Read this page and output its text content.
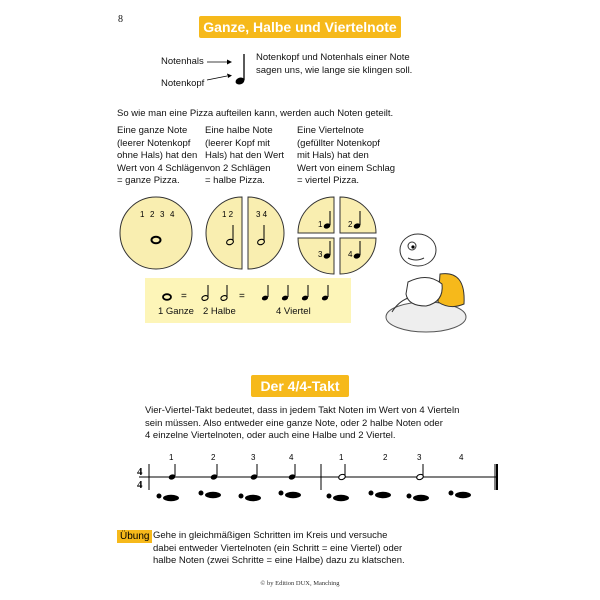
8	Ganze, Halbe und Viertelnote
Notenhals
Notenkopf
Notenkopf und Notenhals einer Note
sagen uns, wie lange sie klingen soll.
So wie man eine Pizza aufteilen kann, werden auch Noten geteilt.
Eine ganze Note
(leerer Notenkopf
ohne Hals) hat den
Wert von 4 Schlägen
= ganze Pizza.
Eine halbe Note
(leerer Kopf mit
Hals) hat den Wert
von 2 Schlägen
= halbe Pizza.
Eine Viertelnote
(gefüllter Notenkopf
mit Hals) hat den
Wert von einem Schlag
= viertel Pizza.
1 2 3 4	1 2	3 4
1	2
3	4
=	=
1 Ganze 2 Halbe	4 Viertel
Der 4/4-Takt
Vier-Viertel-Takt bedeutet, dass in jedem Takt Noten im Wert von 4 Vierteln
sein müssen. Also entweder eine ganze Note, oder 2 halbe Noten oder
4 einzelne Viertelnoten, oder auch eine Halbe und 2 Viertel.
4
4
1	2	3	4	1	2	3	4
Übung Gehe in gleichmäßigen Schritten im Kreis und versuche
dabei entweder Viertelnoten (ein Schritt = eine Viertel) oder
halbe Noten (zwei Schritte = eine Halbe) dazu zu klatschen.
© by Edition DUX, Manching
